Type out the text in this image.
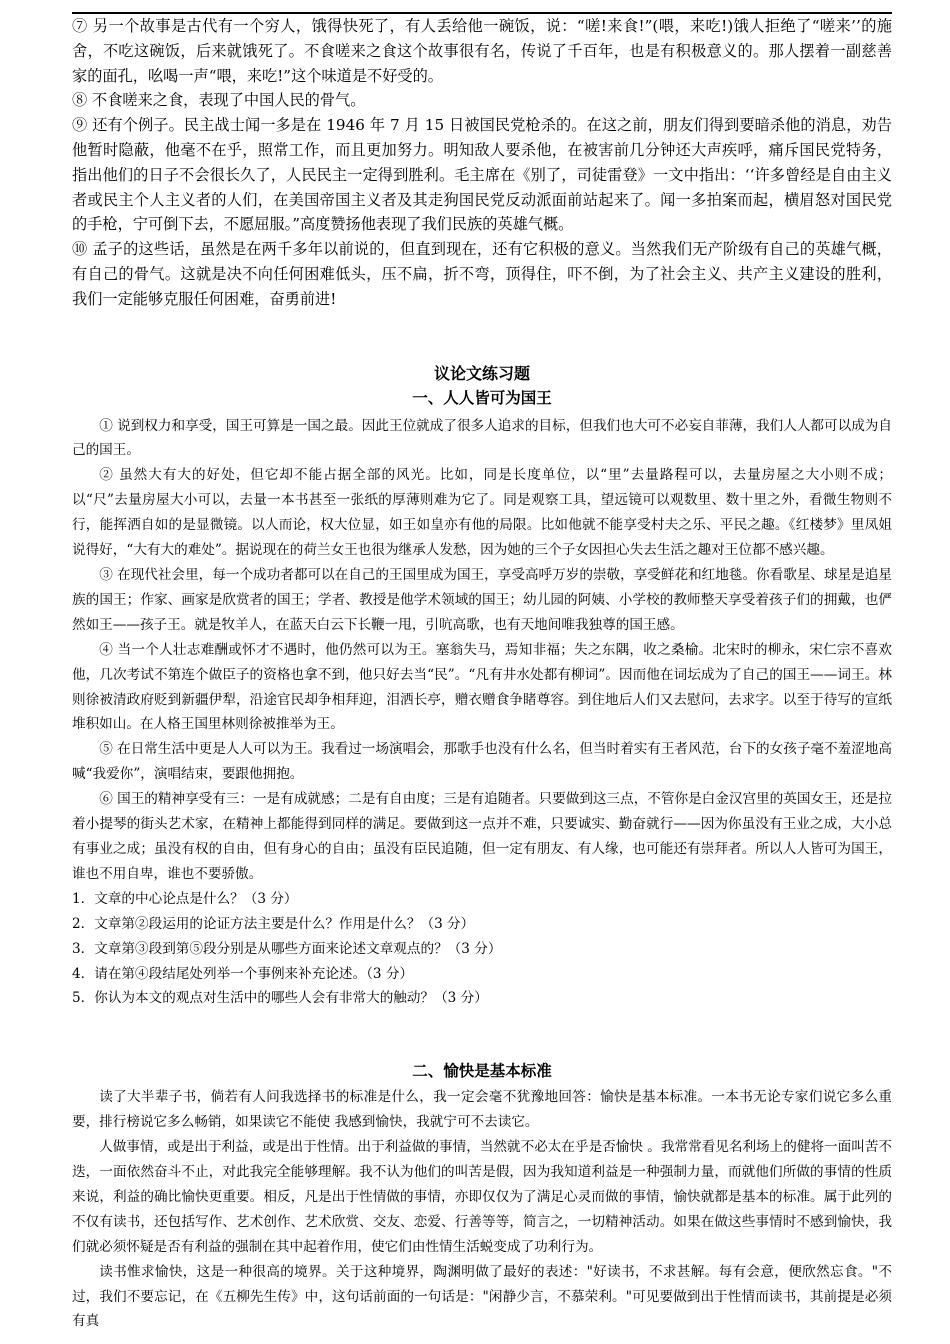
⑦ 另一个故事是古代有一个穷人，饿得快死了，有人丢给他一碗饭，说：“嗟!来食!”(喂，来吃!)饿人拒绝了“嗟来’’的施舍，不吃这碗饭，后来就饿死了。不食嗟来之食这个故事很有名，传说了千百年，也是有积极意义的。那人摆着一副慈善家的面孔，吆喝一声“喂，来吃!”这个味道是不好受的。

⑧ 不食嗟来之食，表现了中国人民的骨气。

⑨ 还有个例子。民主战士闻一多是在 1946 年 7 月 15 日被国民党枪杀的。在这之前，朋友们得到要暗杀他的消息，劝告他暂时隐蔽，他毫不在乎，照常工作，而且更加努力。明知敌人要杀他，在被害前几分钟还大声疾呼，痛斥国民党特务，指出他们的日子不会很长久了，人民民主一定得到胜利。毛主席在《别了，司徒雷登》一文中指出：‘‘许多曾经是自由主义者或民主个人主义者的人们，在美国帝国主义者及其走狗国民党反动派面前站起来了。闻一多拍案而起，横眉怒对国民党的手枪，宁可倒下去，不愿屈服。”高度赞扬他表现了我们民族的英雄气概。

⑩ 孟子的这些话，虽然是在两千多年以前说的，但直到现在，还有它积极的意义。当然我们无产阶级有自己的英雄气概，有自己的骨气。这就是决不向任何困难低头，压不扁，折不弯，顶得住，吓不倒，为了社会主义、共产主义建设的胜利，我们一定能够克服任何困难，奋勇前进!

议论文练习题
一、人人皆可为国王

① 说到权力和享受，国王可算是一国之最。因此王位就成了很多人追求的目标，但我们也大可不必妄自菲薄，我们人人都可以成为自己的国王。

② 虽然大有大的好处，但它却不能占据全部的风光。比如，同是长度单位，以“里”去量路程可以，去量房屋之大小则不成；以“尺”去量房屋大小可以，去量一本书甚至一张纸的厚薄则难为它了。同是观察工具，望远镜可以观数里、数十里之外，看微生物则不行，能挥洒自如的是显微镜。以人而论，权大位显，如王如皇亦有他的局限。比如他就不能享受村夫之乐、平民之趣。《红楼梦》里凤姐说得好，“大有大的难处”。据说现在的荷兰女王也很为继承人发愁，因为她的三个子女因担心失去生活之趣对王位都不感兴趣。

③ 在现代社会里，每一个成功者都可以在自己的王国里成为国王，享受高呼万岁的崇敬，享受鲜花和红地毯。你看歌星、球星是追星族的国王；作家、画家是欣赏者的国王；学者、教授是他学术领域的国王；幼儿园的阿姨、小学校的教师整天享受着孩子们的拥戴，也俨然如王——孩子王。就是牧羊人，在蓝天白云下长鞭一甩，引吭高歌，也有天地间唯我独尊的国王感。

④ 当一个人壮志难酬或怀才不遇时，他仍然可以为王。塞翁失马，焉知非福；失之东隅，收之桑榆。北宋时的柳永，宋仁宗不喜欢他，几次考试不第连个做臣子的资格也拿不到，他只好去当“民”。“凡有井水处都有柳词”。因而他在词坛成为了自己的国王——词王。林则徐被清政府贬到新疆伊犁，沿途官民却争相拜迎，泪洒长亭，赠衣赠食争睹尊容。到住地后人们又去慰问，去求字。以至于待写的宣纸堆积如山。在人格王国里林则徐被推举为王。

⑤ 在日常生活中更是人人可以为王。我看过一场演唱会，那歌手也没有什么名，但当时着实有王者风范，台下的女孩子毫不羞涩地高喊“我爱你”，演唱结束，要跟他拥抱。

⑥ 国王的精神享受有三：一是有成就感；二是有自由度；三是有追随者。只要做到这三点，不管你是白金汉宫里的英国女王，还是拉着小提琴的街头艺术家，在精神上都能得到同样的满足。要做到这一点并不难，只要诚实、勤奋就行——因为你虽没有王业之成，大小总有事业之成；虽没有权的自由，但有身心的自由；虽没有臣民追随，但一定有朋友、有人缘，也可能还有崇拜者。所以人人皆可为国王，谁也不用自卑，谁也不要骄傲。

1．文章的中心论点是什么？（3 分）

2．文章第②段运用的论证方法主要是什么？作用是什么？（3 分）

3．文章第③段到第⑤段分别是从哪些方面来论述文章观点的？（3 分）

4．请在第④段结尾处列举一个事例来补充论述。（3 分）

5．你认为本文的观点对生活中的哪些人会有非常大的触动？（3 分）

二、愉快是基本标准

读了大半辈子书，倘若有人问我选择书的标准是什么，我一定会毫不犹豫地回答：愉快是基本标准。一本书无论专家们说它多么重要，排行榜说它多么畅销，如果读它不能使 我感到愉快，我就宁可不去读它。

人做事情，或是出于利益，或是出于性情。出于利益做的事情，当然就不必太在乎是否愉快 。我常常看见名利场上的健将一面叫苦不迭，一面依然奋斗不止，对此我完全能够理解。我不认为他们的叫苦是假，因为我知道利益是一种强制力量，而就他们所做的事情的性质来说，利益的确比愉快更重要。相反，凡是出于性情做的事情，亦即仅仅为了满足心灵而做的事情，愉快就都是基本的标准。属于此列的不仅有读书，还包括写作、艺术创作、艺术欣赏、交友、恋爱、行善等等，简言之，一切精神活动。如果在做这些事情时不感到愉快，我们就必须怀疑是否有利益的强制在其中起着作用，使它们由性情生活蜕变成了功利行为。

读书惟求愉快，这是一种很高的境界。关于这种境界，陶渊明做了最好的表述："好读书，不求甚解。每有会意，便欣然忘食。"不过，我们不要忘记，在《五柳先生传》中，这句话前面的一句话是："闲静少言，不慕荣利。"可见要做到出于性情而读书，其前提是必须有真
